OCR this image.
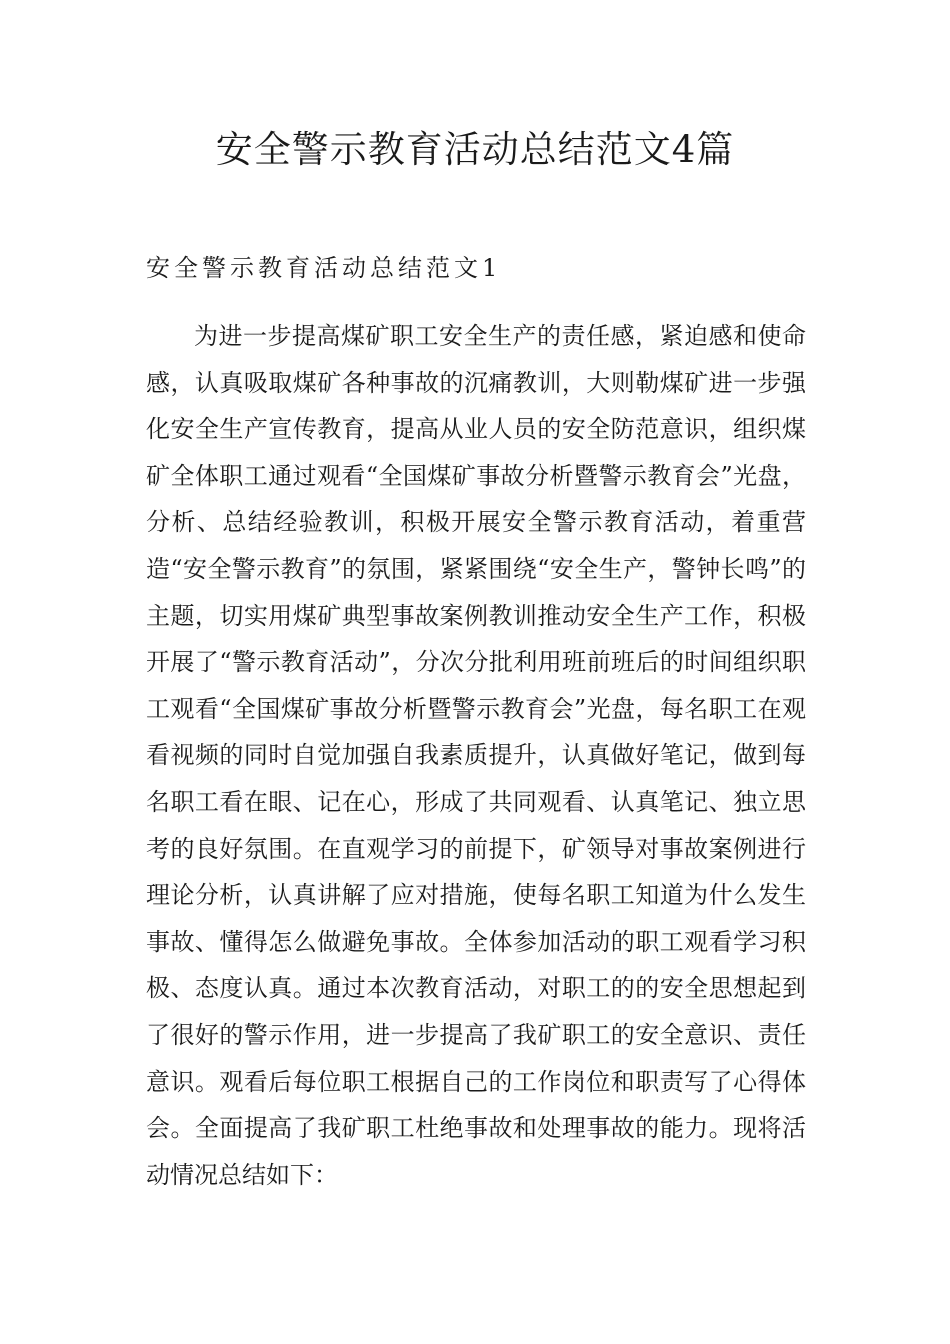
安全警示教育活动总结范文4篇
安全警示教育活动总结范文1

为进一步提高煤矿职工安全生产的责任感，紧迫感和使命感，认真吸取煤矿各种事故的沉痛教训，大则勒煤矿进一步强化安全生产宣传教育，提高从业人员的安全防范意识，组织煤矿全体职工通过观看“全国煤矿事故分析暨警示教育会”光盘，分析、总结经验教训，积极开展安全警示教育活动，着重营造“安全警示教育”的氛围，紧紧围绕“安全生产，警钟长鸣”的主题，切实用煤矿典型事故案例教训推动安全生产工作，积极开展了“警示教育活动”，分次分批利用班前班后的时间组织职工观看“全国煤矿事故分析暨警示教育会”光盘，每名职工在观看视频的同时自觉加强自我素质提升，认真做好笔记，做到每名职工看在眼、记在心，形成了共同观看、认真笔记、独立思考的良好氛围。在直观学习的前提下，矿领导对事故案例进行理论分析，认真讲解了应对措施，使每名职工知道为什么发生事故、懂得怎么做避免事故。全体参加活动的职工观看学习积极、态度认真。通过本次教育活动，对职工的的安全思想起到了很好的警示作用，进一步提高了我矿职工的安全意识、责任意识。观看后每位职工根据自己的工作岗位和职责写了心得体会。全面提高了我矿职工杜绝事故和处理事故的能力。现将活动情况总结如下：
